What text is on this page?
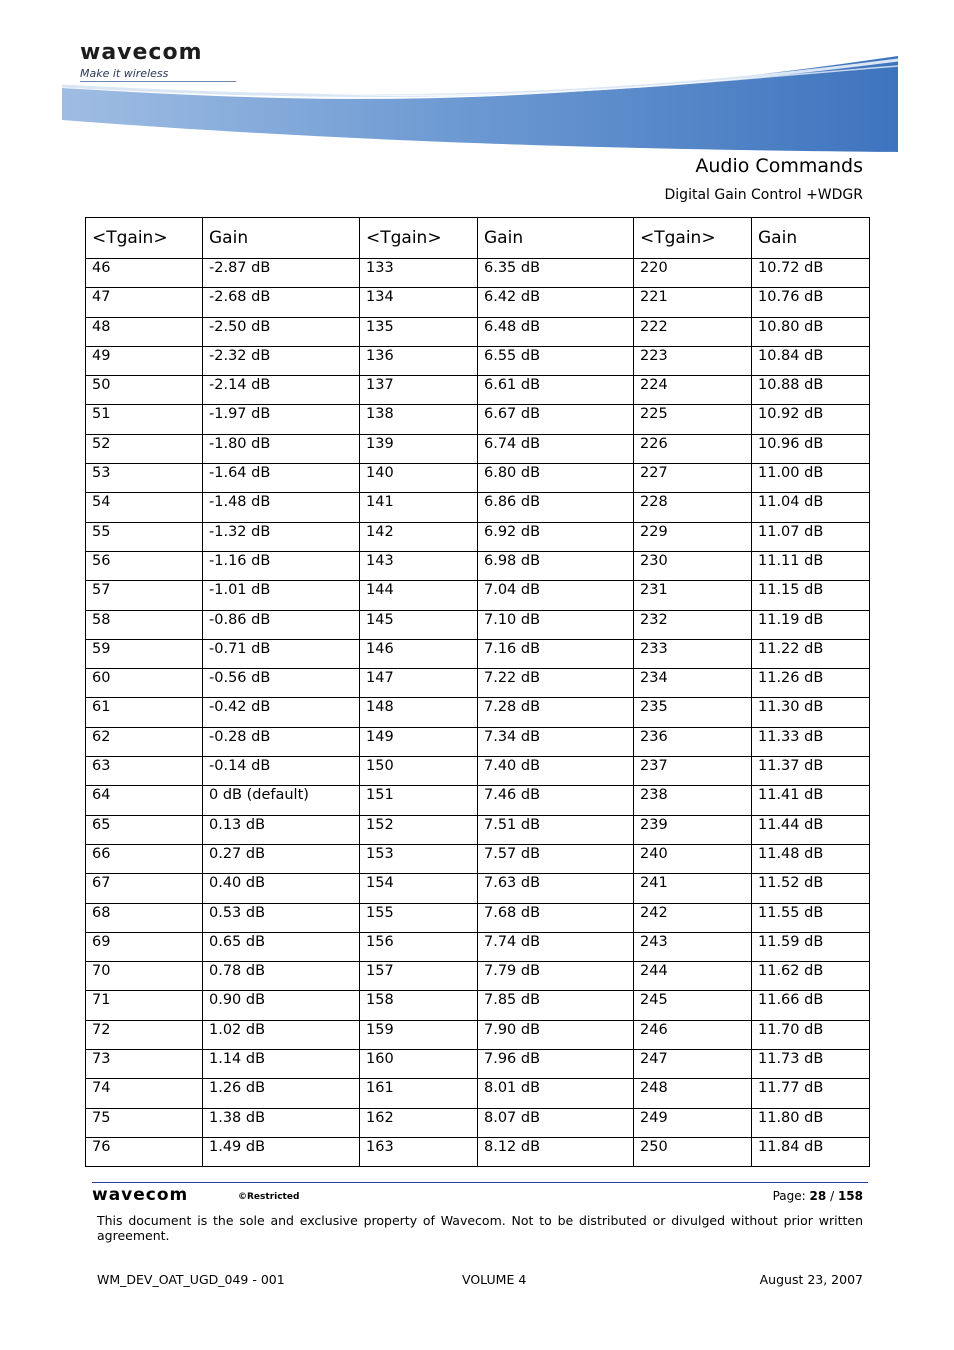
wavecom
Make it wireless
Audio Commands
Digital Gain Control +WDGR
<Tgain>	Gain	<Tgain>	Gain	<Tgain>	Gain
46	-2.87 dB	133	6.35 dB	220	10.72 dB
47	-2.68 dB	134	6.42 dB	221	10.76 dB
48	-2.50 dB	135	6.48 dB	222	10.80 dB
49	-2.32 dB	136	6.55 dB	223	10.84 dB
50	-2.14 dB	137	6.61 dB	224	10.88 dB
51	-1.97 dB	138	6.67 dB	225	10.92 dB
52	-1.80 dB	139	6.74 dB	226	10.96 dB
53	-1.64 dB	140	6.80 dB	227	11.00 dB
54	-1.48 dB	141	6.86 dB	228	11.04 dB
55	-1.32 dB	142	6.92 dB	229	11.07 dB
56	-1.16 dB	143	6.98 dB	230	11.11 dB
57	-1.01 dB	144	7.04 dB	231	11.15 dB
58	-0.86 dB	145	7.10 dB	232	11.19 dB
59	-0.71 dB	146	7.16 dB	233	11.22 dB
60	-0.56 dB	147	7.22 dB	234	11.26 dB
61	-0.42 dB	148	7.28 dB	235	11.30 dB
62	-0.28 dB	149	7.34 dB	236	11.33 dB
63	-0.14 dB	150	7.40 dB	237	11.37 dB
64	0 dB (default)	151	7.46 dB	238	11.41 dB
65	0.13 dB	152	7.51 dB	239	11.44 dB
66	0.27 dB	153	7.57 dB	240	11.48 dB
67	0.40 dB	154	7.63 dB	241	11.52 dB
68	0.53 dB	155	7.68 dB	242	11.55 dB
69	0.65 dB	156	7.74 dB	243	11.59 dB
70	0.78 dB	157	7.79 dB	244	11.62 dB
71	0.90 dB	158	7.85 dB	245	11.66 dB
72	1.02 dB	159	7.90 dB	246	11.70 dB
73	1.14 dB	160	7.96 dB	247	11.73 dB
74	1.26 dB	161	8.01 dB	248	11.77 dB
75	1.38 dB	162	8.07 dB	249	11.80 dB
76	1.49 dB	163	8.12 dB	250	11.84 dB
wavecom	©Restricted	Page: 28 / 158
This document is the sole and exclusive property of Wavecom. Not to be distributed or divulged without prior written agreement.
WM_DEV_OAT_UGD_049 - 001	VOLUME 4	August 23, 2007
